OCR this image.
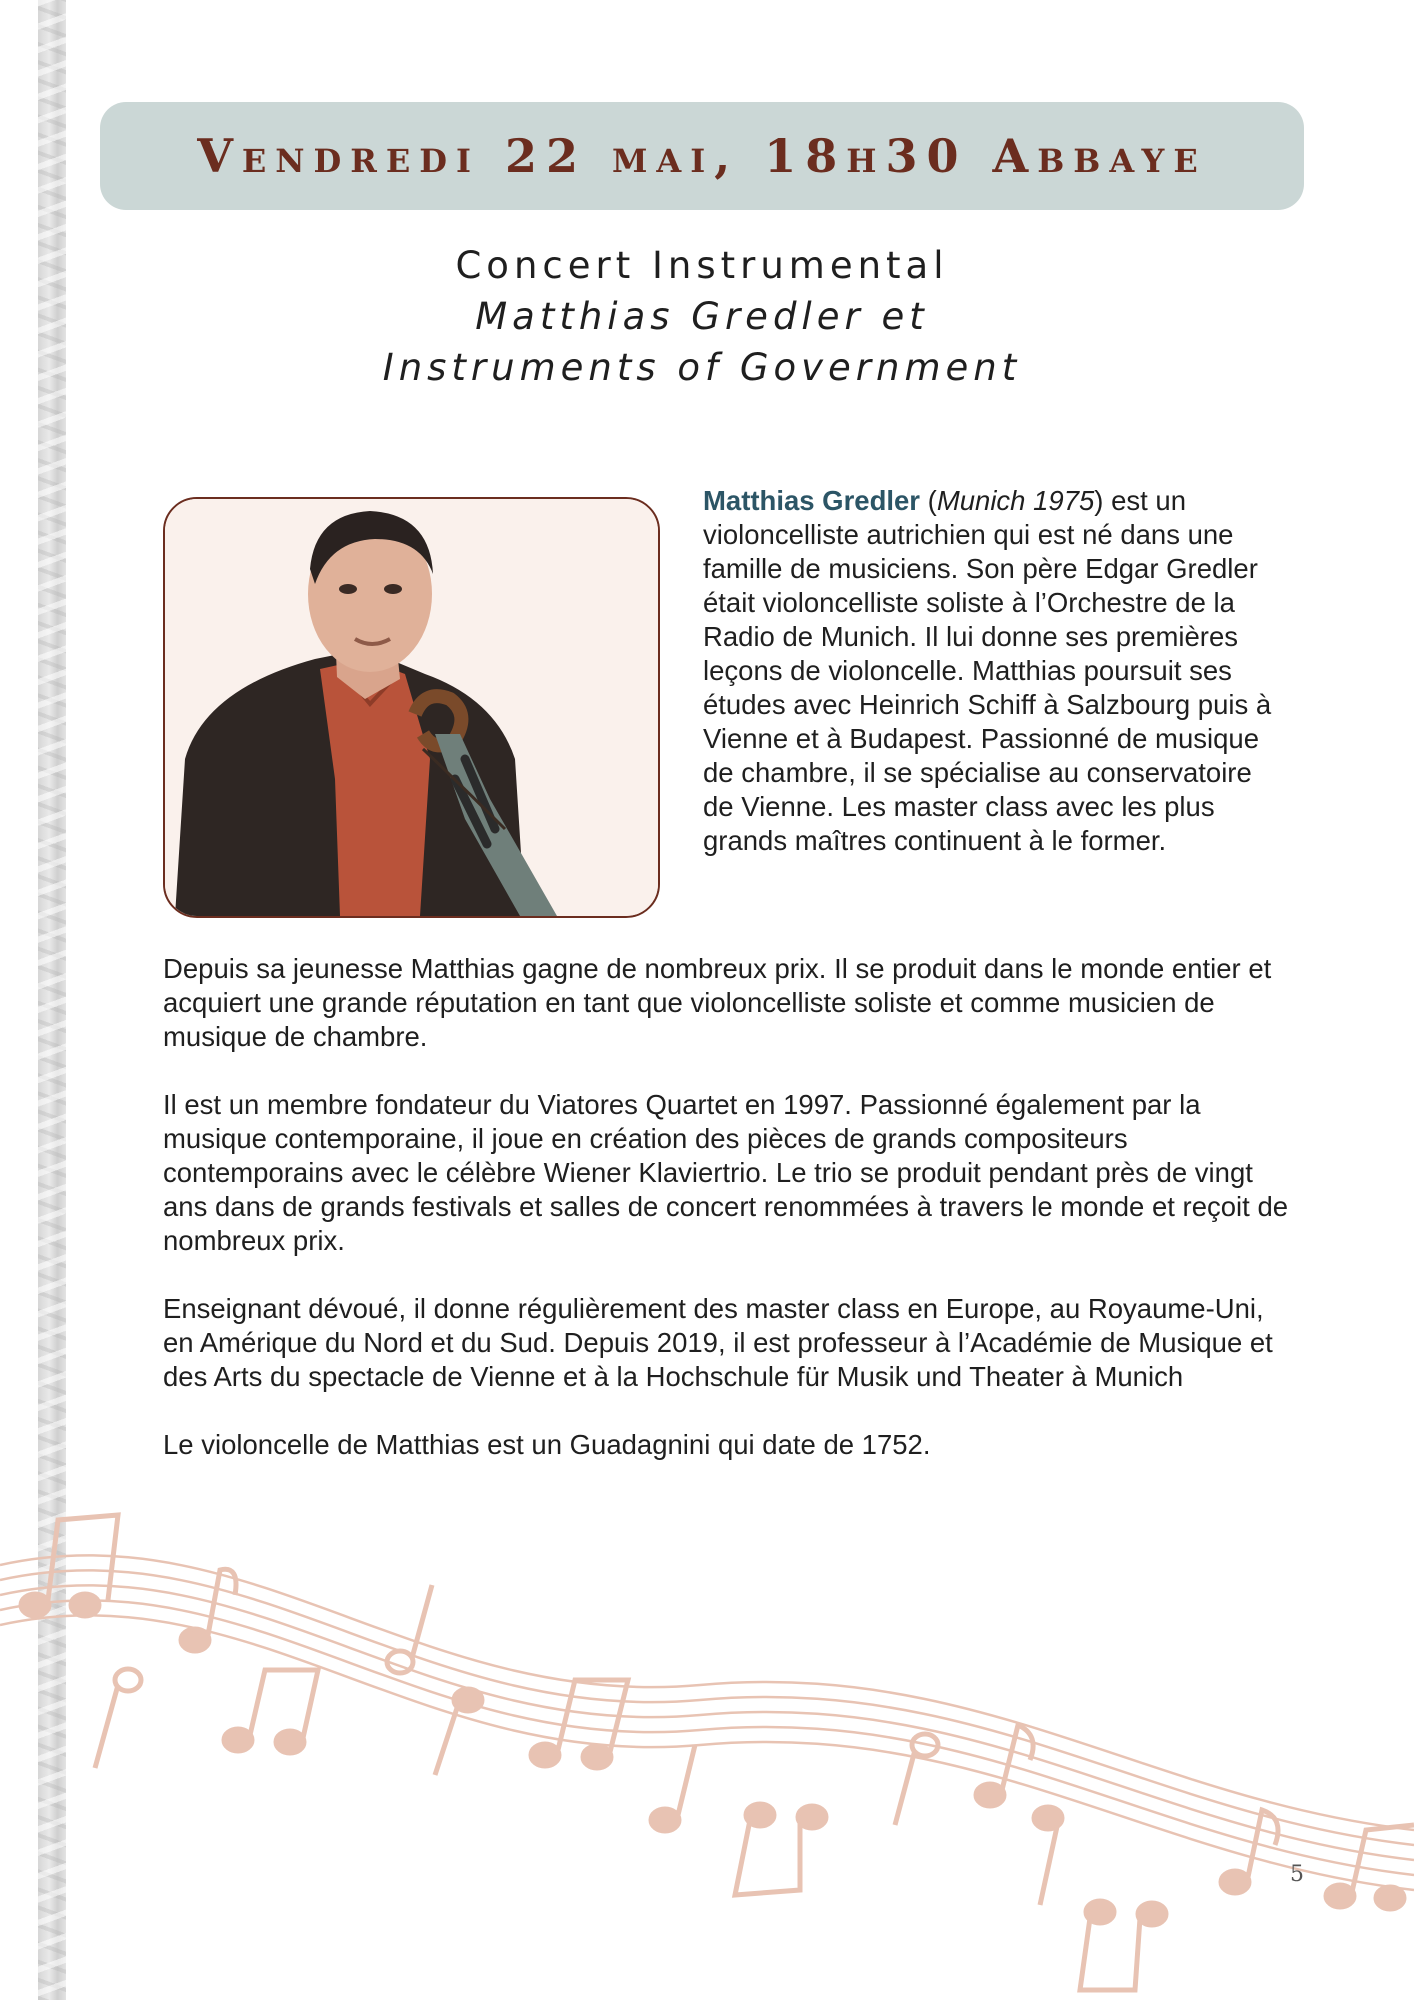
Vendredi 22 mai, 18h30 Abbaye
Concert Instrumental
Matthias Gredler et
Instruments of Government
Matthias Gredler (Munich 1975) est un violoncelliste autrichien qui est né dans une famille de musiciens. Son père Edgar Gredler était violoncelliste soliste à l’Orchestre de la Radio de Munich. Il lui donne ses premières leçons de violoncelle. Matthias poursuit ses études avec Heinrich Schiff à Salzbourg puis à Vienne et à Budapest. Passionné de musique de chambre, il se spécialise au conservatoire de Vienne. Les master class avec les plus grands maîtres continuent à le former.

Depuis sa jeunesse Matthias gagne de nombreux prix. Il se produit dans le monde entier et acquiert une grande réputation en tant que violoncelliste soliste et comme musicien de musique de chambre.

Il est un membre fondateur du Viatores Quartet en 1997. Passionné également par la musique contemporaine, il joue en création des pièces de grands compositeurs contemporains avec le célèbre Wiener Klaviertrio. Le trio se produit pendant près de vingt ans dans de grands festivals et salles de concert renommées à travers le monde et reçoit de nombreux prix.

Enseignant dévoué, il donne régulièrement des master class en Europe, au Royaume-Uni, en Amérique du Nord et du Sud. Depuis 2019, il est professeur à l’Académie de Musique et des Arts du spectacle de Vienne et à la Hochschule für Musik und Theater à Munich

Le violoncelle de Matthias est un Guadagnini qui date de 1752.

5
